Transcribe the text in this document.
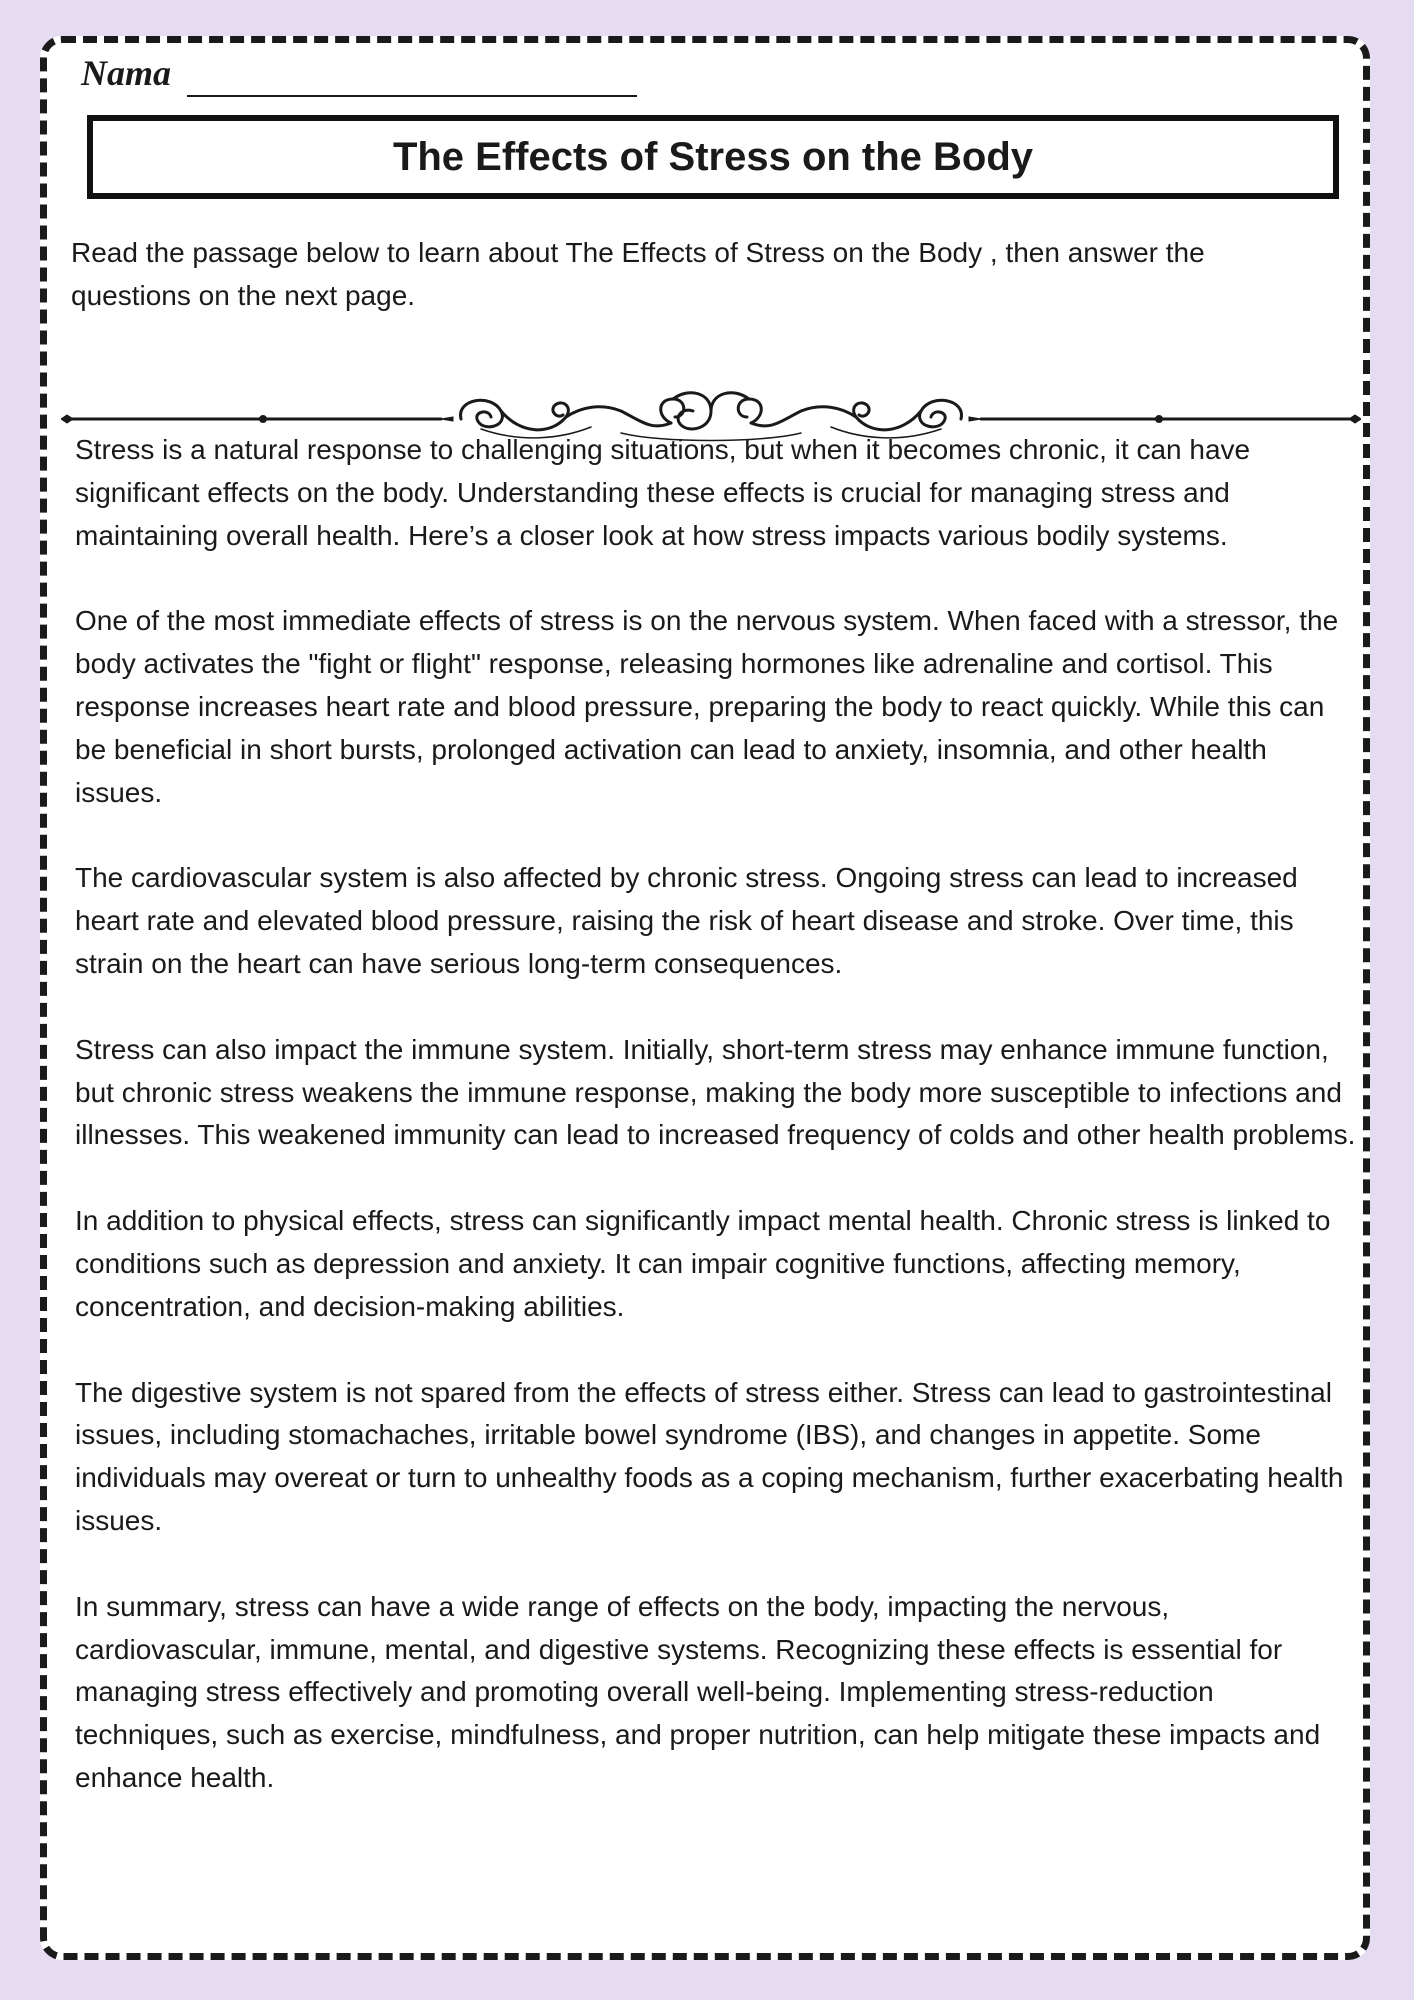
Nama
The Effects of Stress on the Body
Read the passage below to learn about The Effects of Stress on the Body , then answer the questions on the next page.

Stress is a natural response to challenging situations, but when it becomes chronic, it can have significant effects on the body. Understanding these effects is crucial for managing stress and maintaining overall health. Here’s a closer look at how stress impacts various bodily systems.

One of the most immediate effects of stress is on the nervous system. When faced with a stressor, the body activates the "fight or flight" response, releasing hormones like adrenaline and cortisol. This response increases heart rate and blood pressure, preparing the body to react quickly. While this can be beneficial in short bursts, prolonged activation can lead to anxiety, insomnia, and other health issues.

The cardiovascular system is also affected by chronic stress. Ongoing stress can lead to increased heart rate and elevated blood pressure, raising the risk of heart disease and stroke. Over time, this strain on the heart can have serious long-term consequences.

Stress can also impact the immune system. Initially, short-term stress may enhance immune function, but chronic stress weakens the immune response, making the body more susceptible to infections and illnesses. This weakened immunity can lead to increased frequency of colds and other health problems.

In addition to physical effects, stress can significantly impact mental health. Chronic stress is linked to conditions such as depression and anxiety. It can impair cognitive functions, affecting memory, concentration, and decision-making abilities.

The digestive system is not spared from the effects of stress either. Stress can lead to gastrointestinal issues, including stomachaches, irritable bowel syndrome (IBS), and changes in appetite. Some individuals may overeat or turn to unhealthy foods as a coping mechanism, further exacerbating health issues.

In summary, stress can have a wide range of effects on the body, impacting the nervous, cardiovascular, immune, mental, and digestive systems. Recognizing these effects is essential for managing stress effectively and promoting overall well-being. Implementing stress-reduction techniques, such as exercise, mindfulness, and proper nutrition, can help mitigate these impacts and enhance health.
